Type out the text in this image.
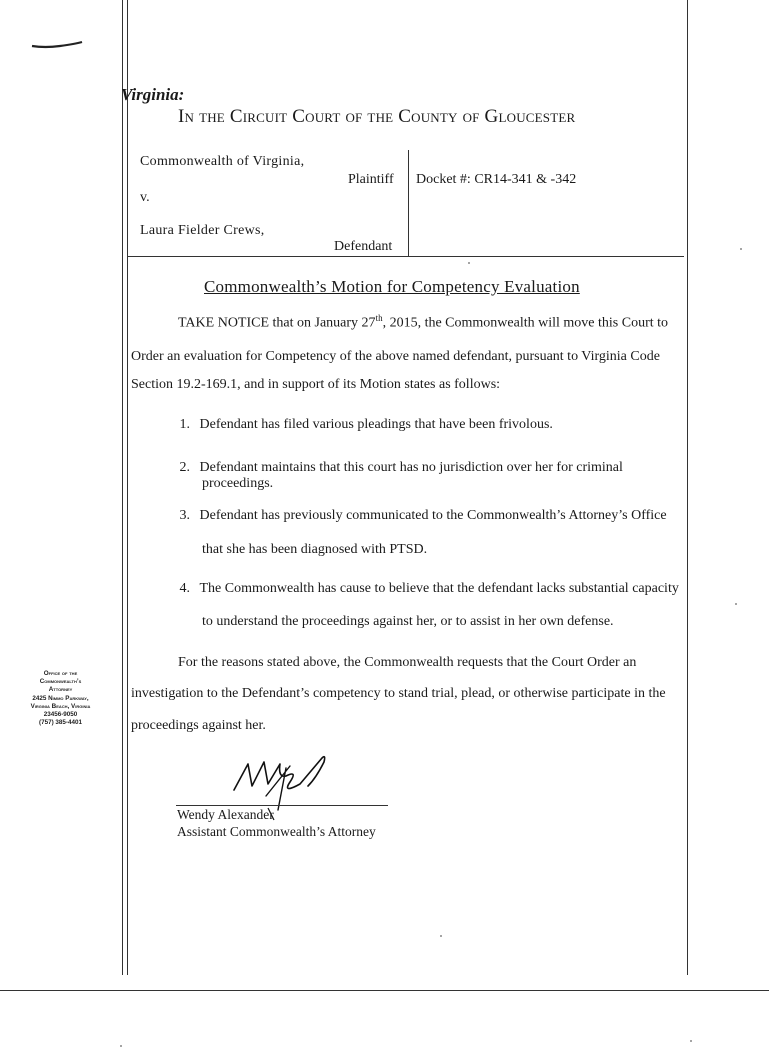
Virginia:
In the Circuit Court of the County of Gloucester
Commonwealth of Virginia,
Plaintiff
v.
Laura Fielder Crews,
Defendant
Docket #: CR14-341 & -342
Commonwealth’s Motion for Competency Evaluation
TAKE NOTICE that on January 27th, 2015, the Commonwealth will move this Court to
Order an evaluation for Competency of the above named defendant, pursuant to Virginia Code
Section 19.2-169.1, and in support of its Motion states as follows:
1. Defendant has filed various pleadings that have been frivolous.
2. Defendant maintains that this court has no jurisdiction over her for criminal
proceedings.
3. Defendant has previously communicated to the Commonwealth’s Attorney’s Office
that she has been diagnosed with PTSD.
4. The Commonwealth has cause to believe that the defendant lacks substantial capacity
to understand the proceedings against her, or to assist in her own defense.
For the reasons stated above, the Commonwealth requests that the Court Order an
investigation to the Defendant’s competency to stand trial, plead, or otherwise participate in the
proceedings against her.
Wendy Alexander
Assistant Commonwealth’s Attorney
Office of the
Commonwealth’s
Attorney
2425 Nimmo Parkway,
Virginia Beach, Virginia
23456-9050
(757) 385-4401
